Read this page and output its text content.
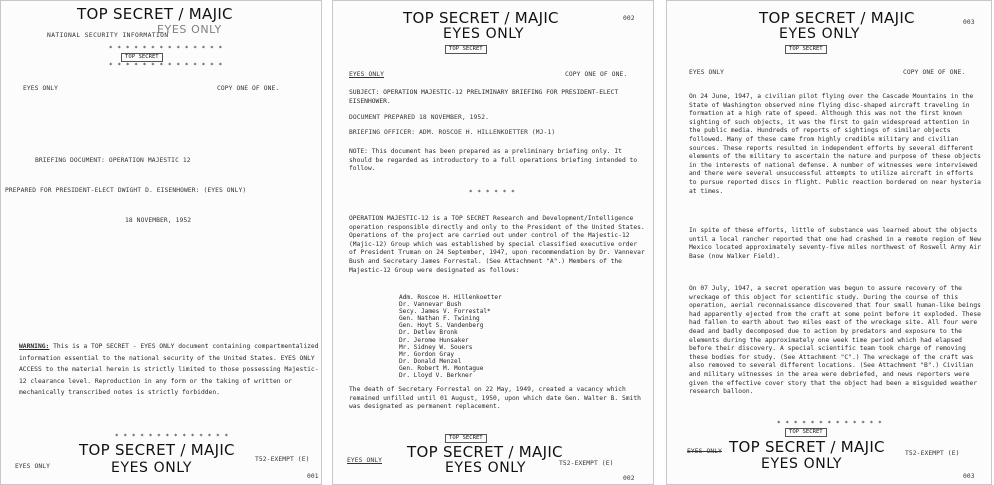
TOP SECRET / MAJIC
NATIONAL SECURITY INFORMATION
EYES ONLY
* * * * * * * * * * * * * *
TOP SECRET
* * * * * * * * * * * * * *
EYES ONLY	COPY ONE OF ONE.
BRIEFING DOCUMENT: OPERATION MAJESTIC 12
PREPARED FOR PRESIDENT-ELECT DWIGHT D. EISENHOWER: (EYES ONLY)
18 NOVEMBER, 1952
WARNING: This is a TOP SECRET - EYES ONLY document containing compartmentalized information essential to the national security of the United States. EYES ONLY ACCESS to the material herein is strictly limited to those possessing Majestic-12 clearance level. Reproduction in any form or the taking of written or mechanically transcribed notes is strictly forbidden.
* * * * * * * * * * * * * *
TOP SECRET / MAJIC
EYES ONLY
EYES ONLY
T52-EXEMPT (E)
001
TOP SECRET / MAJIC
EYES ONLY
TOP SECRET
002
EYES ONLY	COPY ONE OF ONE.
SUBJECT: OPERATION MAJESTIC-12 PRELIMINARY BRIEFING FOR PRESIDENT-ELECT EISENHOWER.
DOCUMENT PREPARED 18 NOVEMBER, 1952.
BRIEFING OFFICER: ADM. ROSCOE H. HILLENKOETTER (MJ-1)
NOTE: This document has been prepared as a preliminary briefing only. It should be regarded as introductory to a full operations briefing intended to follow.
* * * * * *
OPERATION MAJESTIC-12 is a TOP SECRET Research and Development/Intelligence operation responsible directly and only to the President of the United States. Operations of the project are carried out under control of the Majestic-12 (Majic-12) Group which was established by special classified executive order of President Truman on 24 September, 1947, upon recommendation by Dr. Vannevar Bush and Secretary James Forrestal. (See Attachment "A".) Members of the Majestic-12 Group were designated as follows:
Adm. Roscoe H. Hillenkoetter
Dr. Vannevar Bush
Secy. James V. Forrestal*
Gen. Nathan F. Twining
Gen. Hoyt S. Vandenberg
Dr. Detlev Bronk
Dr. Jerome Hunsaker
Mr. Sidney W. Souers
Mr. Gordon Gray
Dr. Donald Menzel
Gen. Robert M. Montague
Dr. Lloyd V. Berkner
The death of Secretary Forrestal on 22 May, 1949, created a vacancy which remained unfilled until 01 August, 1950, upon which date Gen. Walter B. Smith was designated as permanent replacement.
TOP SECRET
TOP SECRET / MAJIC
EYES ONLY
EYES ONLY	T52-EXEMPT (E)
002
TOP SECRET / MAJIC
EYES ONLY
TOP SECRET
003
EYES ONLY	COPY ONE OF ONE.
On 24 June, 1947, a civilian pilot flying over the Cascade Mountains in the State of Washington observed nine flying disc-shaped aircraft traveling in formation at a high rate of speed. Although this was not the first known sighting of such objects, it was the first to gain widespread attention in the public media. Hundreds of reports of sightings of similar objects followed. Many of these came from highly credible military and civilian sources. These reports resulted in independent efforts by several different elements of the military to ascertain the nature and purpose of these objects in the interests of national defense. A number of witnesses were interviewed and there were several unsuccessful attempts to utilize aircraft in efforts to pursue reported discs in flight. Public reaction bordered on near hysteria at times.
In spite of these efforts, little of substance was learned about the objects until a local rancher reported that one had crashed in a remote region of New Mexico located approximately seventy-five miles northwest of Roswell Army Air Base (now Walker Field).
On 07 July, 1947, a secret operation was begun to assure recovery of the wreckage of this object for scientific study. During the course of this operation, aerial reconnaissance discovered that four small human-like beings had apparently ejected from the craft at some point before it exploded. These had fallen to earth about two miles east of the wreckage site. All four were dead and badly decomposed due to action by predators and exposure to the elements during the approximately one week time period which had elapsed before their discovery. A special scientific team took charge of removing these bodies for study. (See Attachment "C".) The wreckage of the craft was also removed to several different locations. (See Attachment "B".) Civilian and military witnesses in the area were debriefed, and news reporters were given the effective cover story that the object had been a misguided weather research balloon.
* * * * * * * * * * * * *
TOP SECRET
TOP SECRET / MAJIC
EYES ONLY
EYES ONLY	T52-EXEMPT (E)
003
